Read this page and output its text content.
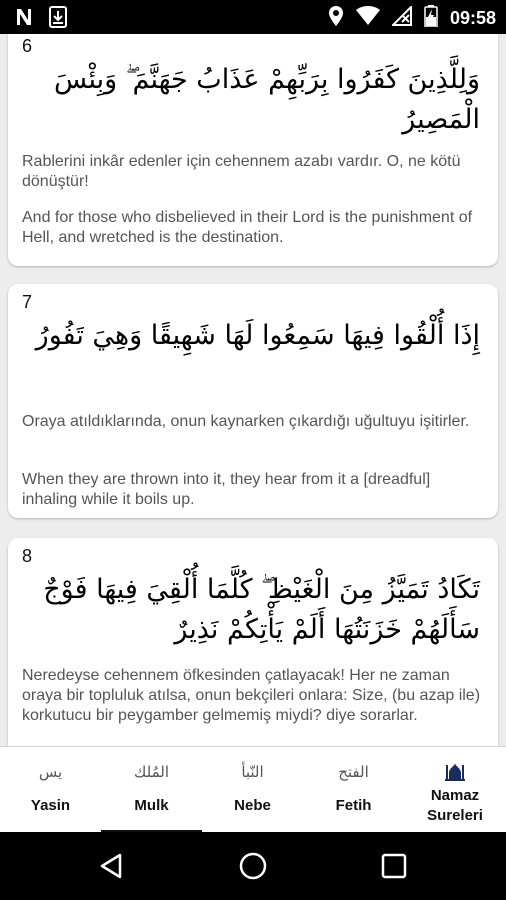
09:58
6
وَلِلَّذِينَ كَفَرُوا بِرَبِّهِمْ عَذَابُ جَهَنَّمَ ۖ وَبِئْسَ الْمَصِيرُ
Rablerini inkâr edenler için cehennem azabı vardır. O, ne kötü dönüştür!
And for those who disbelieved in their Lord is the punishment of Hell, and wretched is the destination.
7
إِذَا أُلْقُوا فِيهَا سَمِعُوا لَهَا شَهِيقًا وَهِيَ تَفُورُ
Oraya atıldıklarında, onun kaynarken çıkardığı uğultuyu işitirler.
When they are thrown into it, they hear from it a [dreadful] inhaling while it boils up.
8
تَكَادُ تَمَيَّزُ مِنَ الْغَيْظِ ۖ كُلَّمَا أُلْقِيَ فِيهَا فَوْجٌ سَأَلَهُمْ خَزَنَتُهَا أَلَمْ يَأْتِكُمْ نَذِيرٌ
Neredeyse cehennem öfkesinden çatlayacak! Her ne zaman oraya bir topluluk atılsa, onun bekçileri onlara: Size, (bu azap ile) korkutucu bir peygamber gelmemiş miydi? diye sorarlar.
يس
Yasin
المُلك
Mulk
النّبأ
Nebe
الفتح
Fetih
Namaz
Sureleri
